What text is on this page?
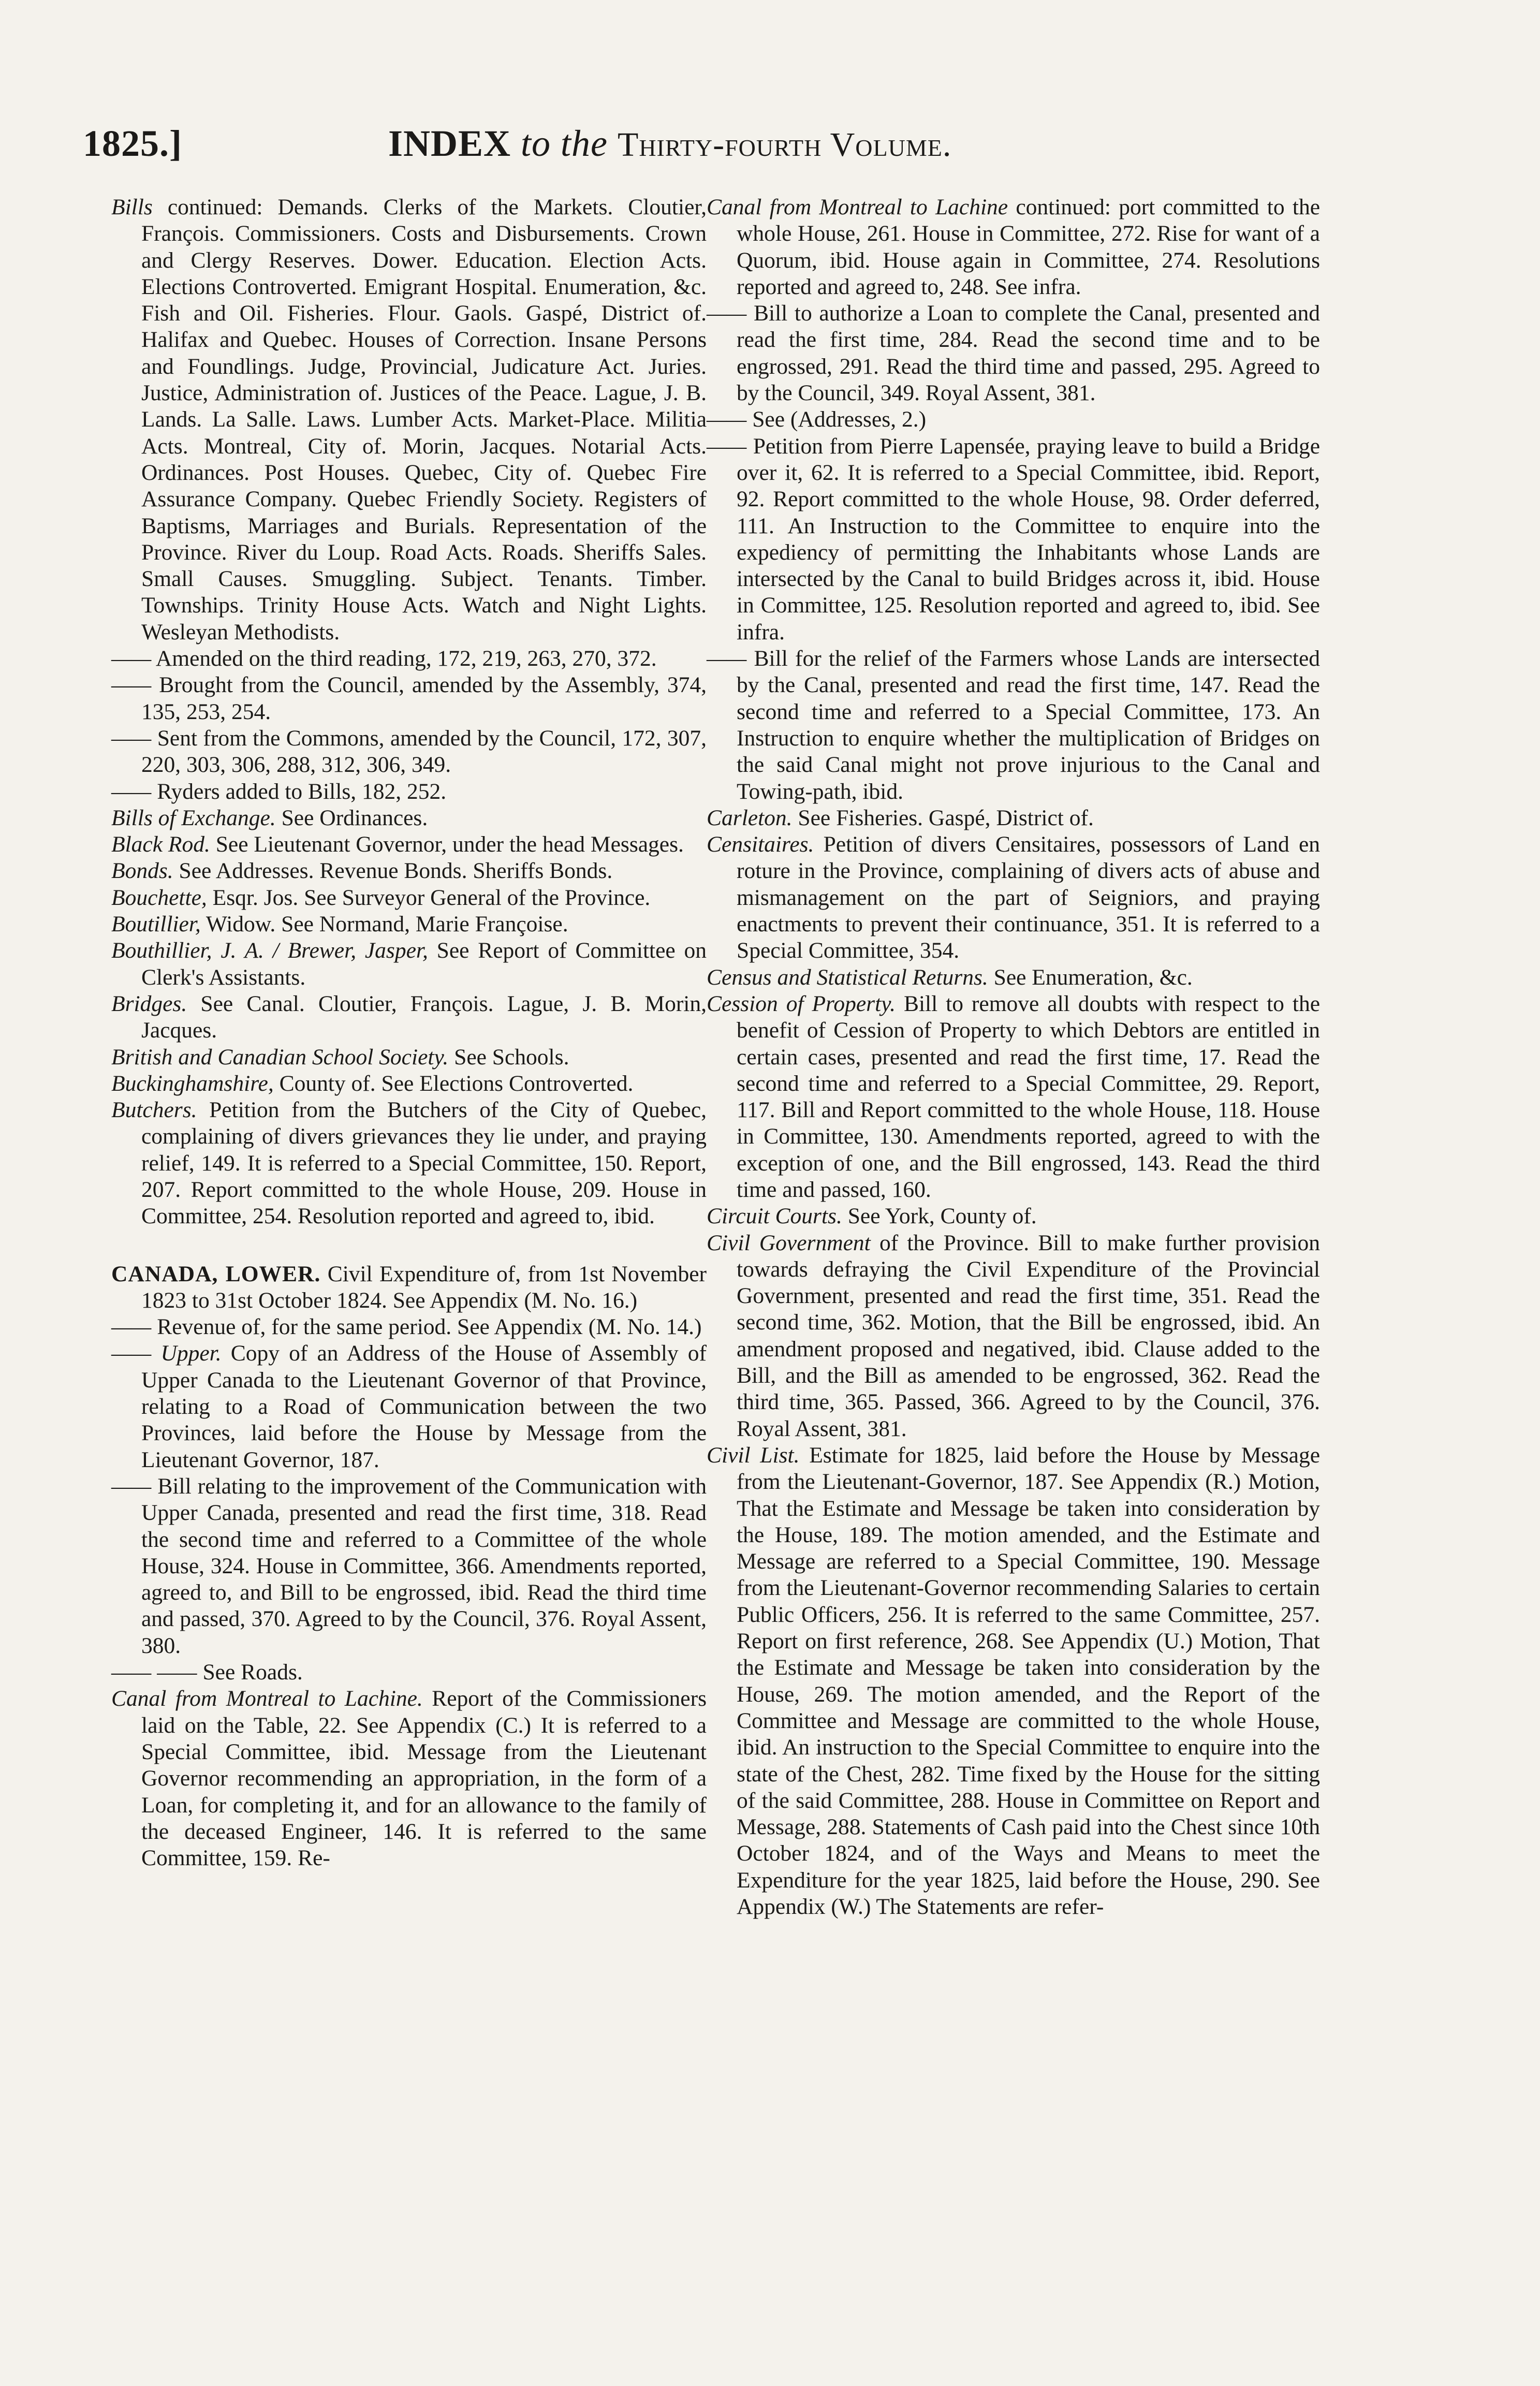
1825.]	INDEX to the Thirty-fourth Volume.

Bills continued: Demands. Clerks of the Markets. Cloutier, François. Commissioners. Costs and Disbursements. Crown and Clergy Reserves. Dower. Education. Election Acts. Elections Controverted. Emigrant Hospital. Enumeration, &c. Fish and Oil. Fisheries. Flour. Gaols. Gaspé, District of. Halifax and Quebec. Houses of Correction. Insane Persons and Foundlings. Judge, Provincial, Judicature Act. Juries. Justice, Administration of. Justices of the Peace. Lague, J. B. Lands. La Salle. Laws. Lumber Acts. Market-Place. Militia Acts. Montreal, City of. Morin, Jacques. Notarial Acts. Ordinances. Post Houses. Quebec, City of. Quebec Fire Assurance Company. Quebec Friendly Society. Registers of Baptisms, Marriages and Burials. Representation of the Province. River du Loup. Road Acts. Roads. Sheriffs Sales. Small Causes. Smuggling. Subject. Tenants. Timber. Townships. Trinity House Acts. Watch and Night Lights. Wesleyan Methodists.

—— Amended on the third reading, 172, 219, 263, 270, 372.

—— Brought from the Council, amended by the Assembly, 374, 135, 253, 254.

—— Sent from the Commons, amended by the Council, 172, 307, 220, 303, 306, 288, 312, 306, 349.

—— Ryders added to Bills, 182, 252.

Bills of Exchange. See Ordinances.

Black Rod. See Lieutenant Governor, under the head Messages.

Bonds. See Addresses. Revenue Bonds. Sheriffs Bonds.

Bouchette, Esqr. Jos. See Surveyor General of the Province.

Boutillier, Widow. See Normand, Marie Françoise.

Bouthillier, J. A. / Brewer, Jasper, See Report of Committee on Clerk's Assistants.

Bridges. See Canal. Cloutier, François. Lague, J. B. Morin, Jacques.

British and Canadian School Society. See Schools.

Buckinghamshire, County of. See Elections Controverted.

Butchers. Petition from the Butchers of the City of Quebec, complaining of divers grievances they lie under, and praying relief, 149. It is referred to a Special Committee, 150. Report, 207. Report committed to the whole House, 209. House in Committee, 254. Resolution reported and agreed to, ibid.

CANADA, LOWER. Civil Expenditure of, from 1st November 1823 to 31st October 1824. See Appendix (M. No. 16.)

—— Revenue of, for the same period. See Appendix (M. No. 14.)

—— Upper. Copy of an Address of the House of Assembly of Upper Canada to the Lieutenant Governor of that Province, relating to a Road of Communication between the two Provinces, laid before the House by Message from the Lieutenant Governor, 187.

—— Bill relating to the improvement of the Communication with Upper Canada, presented and read the first time, 318. Read the second time and referred to a Committee of the whole House, 324. House in Committee, 366. Amendments reported, agreed to, and Bill to be engrossed, ibid. Read the third time and passed, 370. Agreed to by the Council, 376. Royal Assent, 380.

—— —— See Roads.

Canal from Montreal to Lachine. Report of the Commissioners laid on the Table, 22. See Appendix (C.) It is referred to a Special Committee, ibid. Message from the Lieutenant Governor recommending an appropriation, in the form of a Loan, for completing it, and for an allowance to the family of the deceased Engineer, 146. It is referred to the same Committee, 159. Re-

Canal from Montreal to Lachine continued: port committed to the whole House, 261. House in Committee, 272. Rise for want of a Quorum, ibid. House again in Committee, 274. Resolutions reported and agreed to, 248. See infra.

—— Bill to authorize a Loan to complete the Canal, presented and read the first time, 284. Read the second time and to be engrossed, 291. Read the third time and passed, 295. Agreed to by the Council, 349. Royal Assent, 381.

—— See (Addresses, 2.)

—— Petition from Pierre Lapensée, praying leave to build a Bridge over it, 62. It is referred to a Special Committee, ibid. Report, 92. Report committed to the whole House, 98. Order deferred, 111. An Instruction to the Committee to enquire into the expediency of permitting the Inhabitants whose Lands are intersected by the Canal to build Bridges across it, ibid. House in Committee, 125. Resolution reported and agreed to, ibid. See infra.

—— Bill for the relief of the Farmers whose Lands are intersected by the Canal, presented and read the first time, 147. Read the second time and referred to a Special Committee, 173. An Instruction to enquire whether the multiplication of Bridges on the said Canal might not prove injurious to the Canal and Towing-path, ibid.

Carleton. See Fisheries. Gaspé, District of.

Censitaires. Petition of divers Censitaires, possessors of Land en roture in the Province, complaining of divers acts of abuse and mismanagement on the part of Seigniors, and praying enactments to prevent their continuance, 351. It is referred to a Special Committee, 354.

Census and Statistical Returns. See Enumeration, &c.

Cession of Property. Bill to remove all doubts with respect to the benefit of Cession of Property to which Debtors are entitled in certain cases, presented and read the first time, 17. Read the second time and referred to a Special Committee, 29. Report, 117. Bill and Report committed to the whole House, 118. House in Committee, 130. Amendments reported, agreed to with the exception of one, and the Bill engrossed, 143. Read the third time and passed, 160.

Circuit Courts. See York, County of.

Civil Government of the Province. Bill to make further provision towards defraying the Civil Expenditure of the Provincial Government, presented and read the first time, 351. Read the second time, 362. Motion, that the Bill be engrossed, ibid. An amendment proposed and negatived, ibid. Clause added to the Bill, and the Bill as amended to be engrossed, 362. Read the third time, 365. Passed, 366. Agreed to by the Council, 376. Royal Assent, 381.

Civil List. Estimate for 1825, laid before the House by Message from the Lieutenant-Governor, 187. See Appendix (R.) Motion, That the Estimate and Message be taken into consideration by the House, 189. The motion amended, and the Estimate and Message are referred to a Special Committee, 190. Message from the Lieutenant-Governor recommending Salaries to certain Public Officers, 256. It is referred to the same Committee, 257. Report on first reference, 268. See Appendix (U.) Motion, That the Estimate and Message be taken into consideration by the House, 269. The motion amended, and the Report of the Committee and Message are committed to the whole House, ibid. An instruction to the Special Committee to enquire into the state of the Chest, 282. Time fixed by the House for the sitting of the said Committee, 288. House in Committee on Report and Message, 288. Statements of Cash paid into the Chest since 10th October 1824, and of the Ways and Means to meet the Expenditure for the year 1825, laid before the House, 290. See Appendix (W.) The Statements are refer-
